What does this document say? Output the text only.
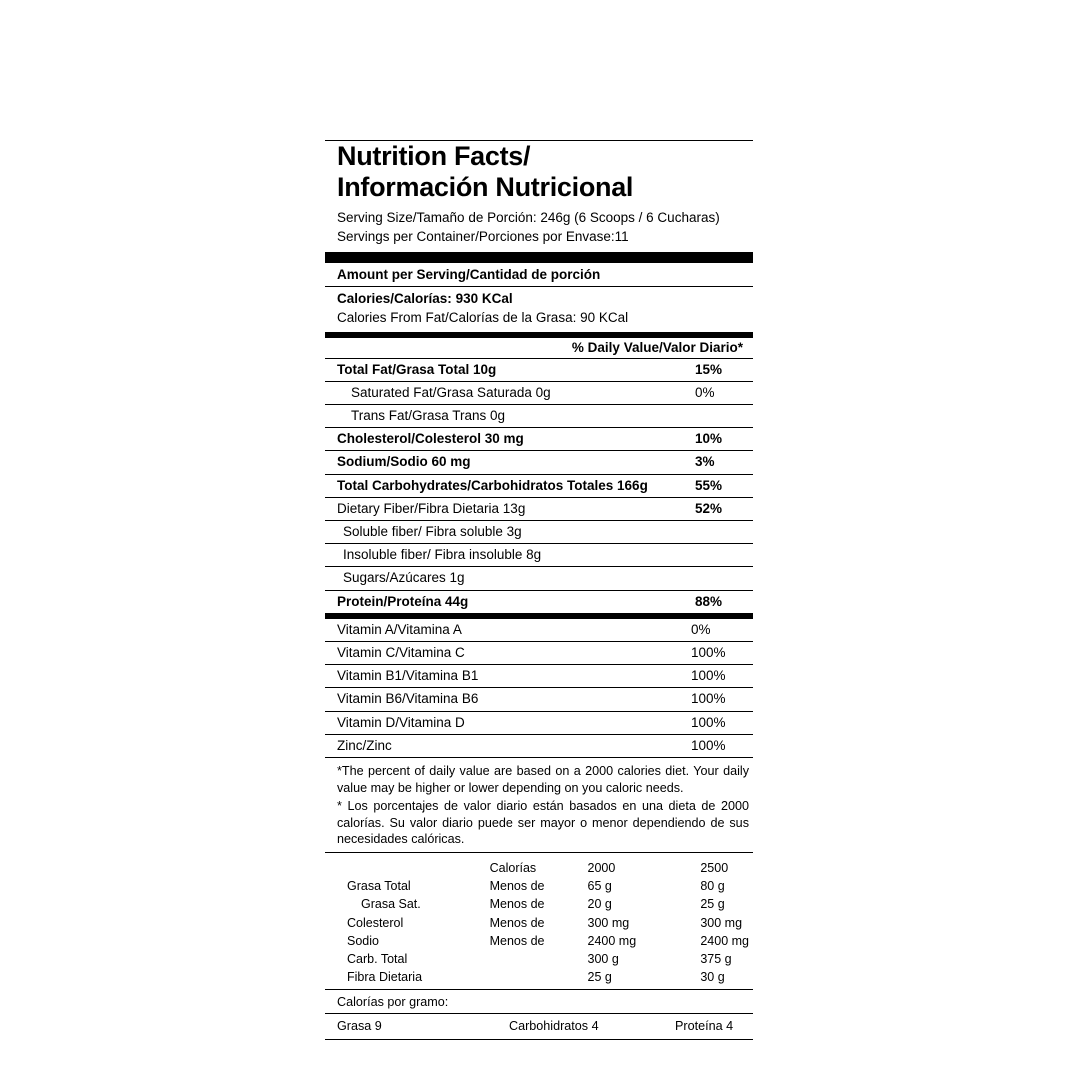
Nutrition Facts/
Información Nutricional
Serving Size/Tamaño de Porción: 246g (6 Scoops / 6 Cucharas)
Servings per Container/Porciones por Envase:11
Amount per Serving/Cantidad de porción
Calories/Calorías: 930 KCal
Calories From Fat/Calorías de la Grasa: 90 KCal
% Daily Value/Valor Diario*
Total Fat/Grasa Total 10g	15%
Saturated Fat/Grasa Saturada 0g	0%
Trans Fat/Grasa Trans 0g
Cholesterol/Colesterol 30 mg	10%
Sodium/Sodio 60 mg	3%
Total Carbohydrates/Carbohidratos Totales 166g	55%
Dietary Fiber/Fibra Dietaria 13g	52%
Soluble fiber/ Fibra soluble 3g
Insoluble fiber/ Fibra insoluble 8g
Sugars/Azúcares 1g
Protein/Proteína 44g	88%
Vitamin A/Vitamina A	0%
Vitamin C/Vitamina C	100%
Vitamin B1/Vitamina B1	100%
Vitamin B6/Vitamina B6	100%
Vitamin D/Vitamina D	100%
Zinc/Zinc	100%

*The percent of daily value are based on a 2000 calories diet. Your daily value may be higher or lower depending on you caloric needs.

* Los porcentajes de valor diario están basados en una dieta de 2000 calorías. Su valor diario puede ser mayor o menor dependiendo de sus necesidades calóricas.

	Calorías	2000	2500
Grasa Total	Menos de	65 g	80 g
Grasa Sat.	Menos de	20 g	25 g
Colesterol	Menos de	300 mg	300 mg
Sodio	Menos de	2400 mg	2400 mg
Carb. Total		300 g	375 g
Fibra Dietaria		25 g	30 g
Calorías por gramo:
Grasa 9	Carbohidratos 4	Proteína 4
